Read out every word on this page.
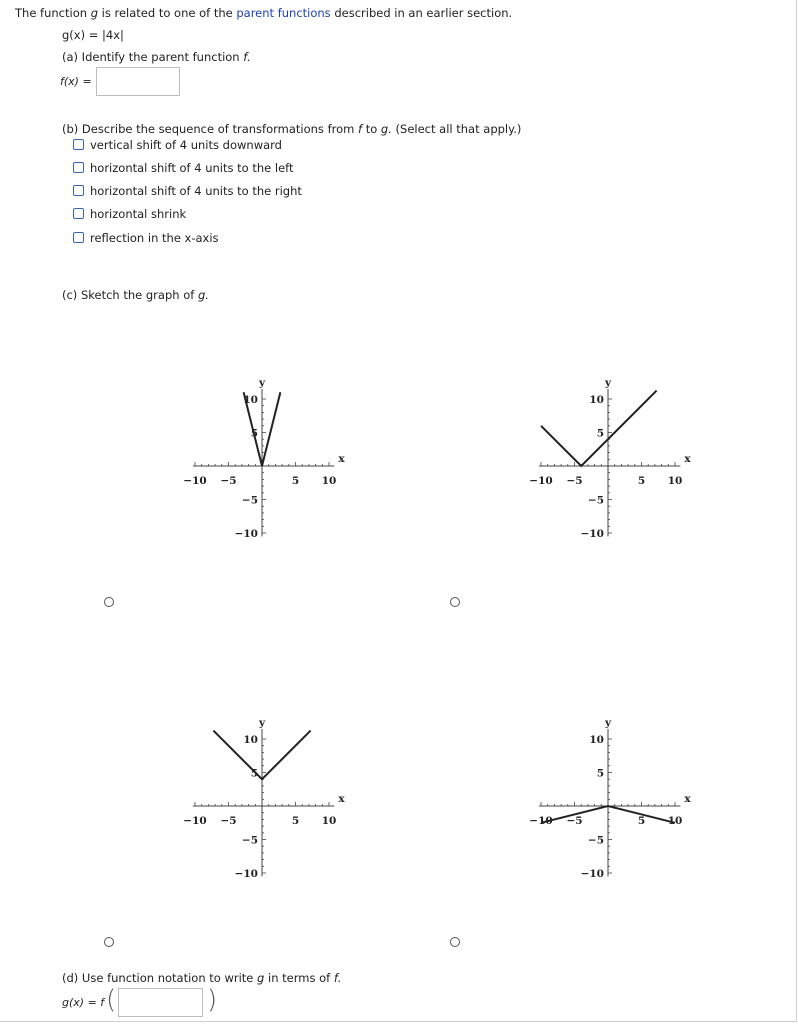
The function g is related to one of the parent functions described in an earlier section.
g(x) = |4x|
(a) Identify the parent function f.
f(x) =
(b) Describe the sequence of transformations from f to g. (Select all that apply.)
vertical shift of 4 units downward
horizontal shift of 4 units to the left
horizontal shift of 4 units to the right
horizontal shrink
reflection in the x-axis
(c) Sketch the graph of g.
−10 −5	5 10
10
5
−5
−10
x
y
−10 −5	5 10
10
5
−5
−10
x
y
−10 −5	5 10
10
5
−5
−10
x
y
−10 −5	5 10
10
5
−5
−10
x
y
(d) Use function notation to write g in terms of f.
g(x) = f (	)
